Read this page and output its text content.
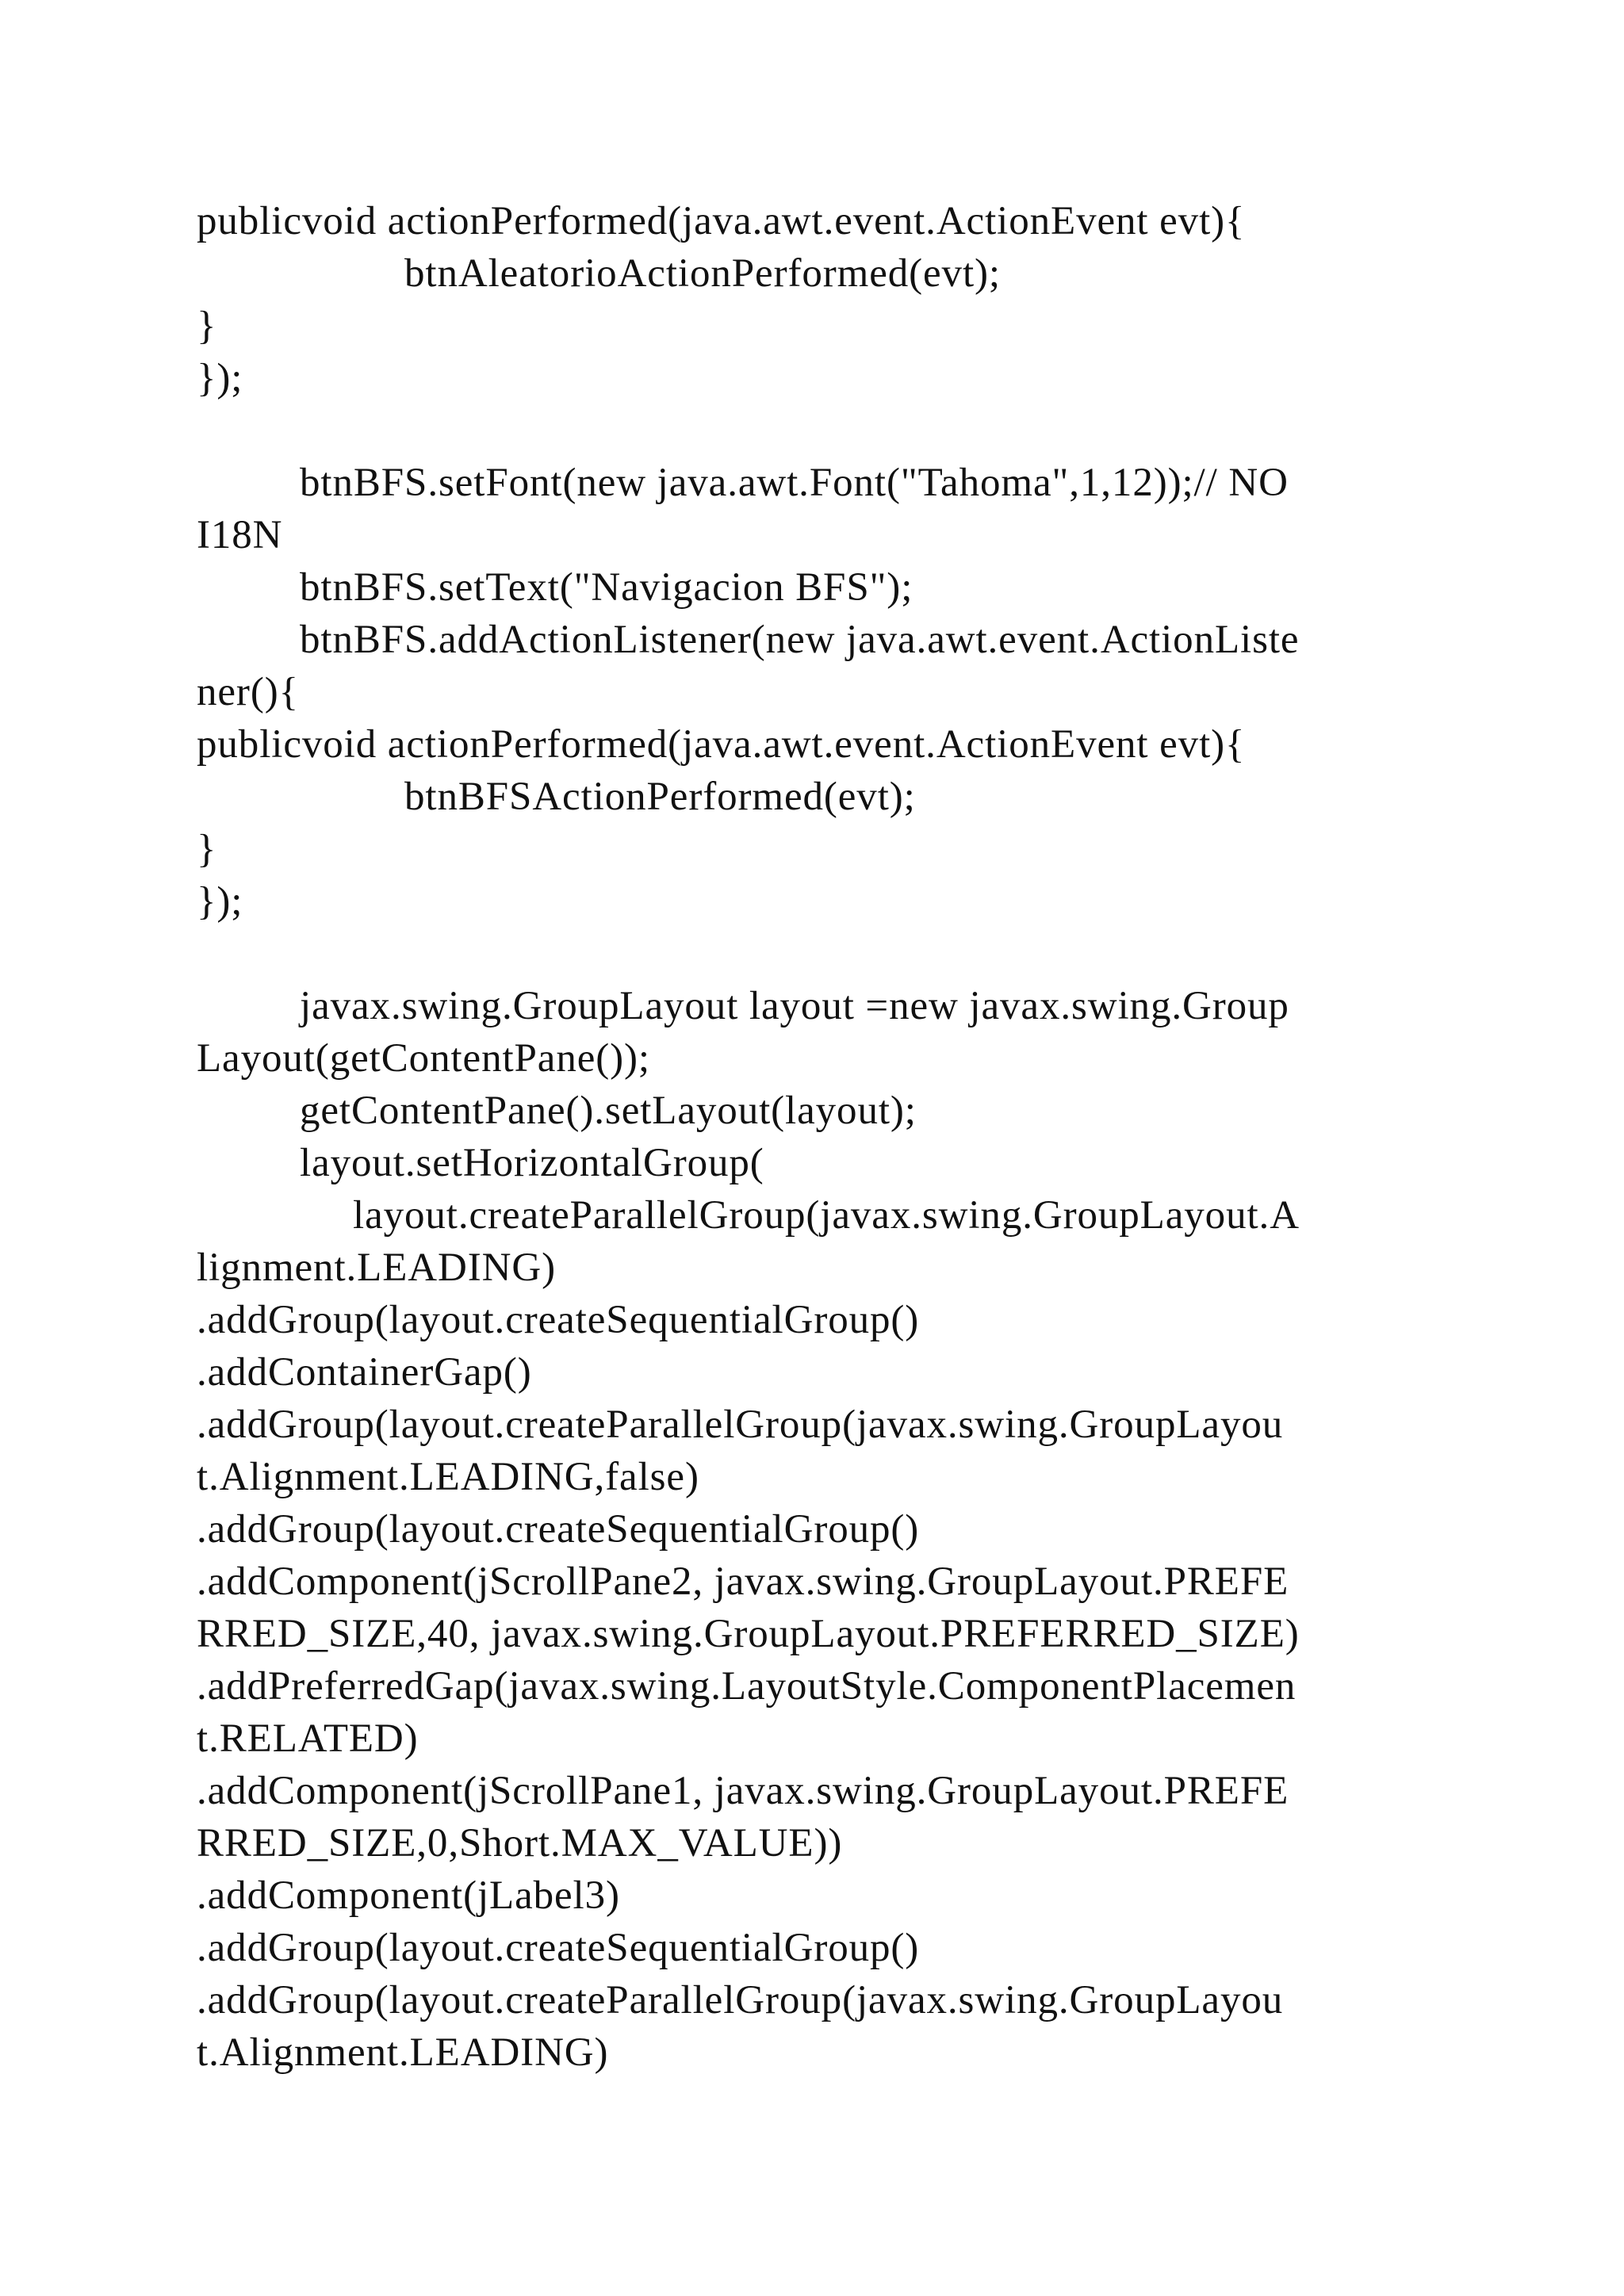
publicvoid actionPerformed(java.awt.event.ActionEvent evt){
btnAleatorioActionPerformed(evt);
}
});
btnBFS.setFont(new java.awt.Font("Tahoma",1,12));// NO
I18N
btnBFS.setText("Navigacion BFS");
btnBFS.addActionListener(new java.awt.event.ActionListe
ner(){
publicvoid actionPerformed(java.awt.event.ActionEvent evt){
btnBFSActionPerformed(evt);
}
});
javax.swing.GroupLayout layout =new javax.swing.Group
Layout(getContentPane());
getContentPane().setLayout(layout);
layout.setHorizontalGroup(
layout.createParallelGroup(javax.swing.GroupLayout.A
lignment.LEADING)
.addGroup(layout.createSequentialGroup()
.addContainerGap()
.addGroup(layout.createParallelGroup(javax.swing.GroupLayou
t.Alignment.LEADING,false)
.addGroup(layout.createSequentialGroup()
.addComponent(jScrollPane2, javax.swing.GroupLayout.PREFE
RRED_SIZE,40, javax.swing.GroupLayout.PREFERRED_SIZE)
.addPreferredGap(javax.swing.LayoutStyle.ComponentPlacemen
t.RELATED)
.addComponent(jScrollPane1, javax.swing.GroupLayout.PREFE
RRED_SIZE,0,Short.MAX_VALUE))
.addComponent(jLabel3)
.addGroup(layout.createSequentialGroup()
.addGroup(layout.createParallelGroup(javax.swing.GroupLayou
t.Alignment.LEADING)
